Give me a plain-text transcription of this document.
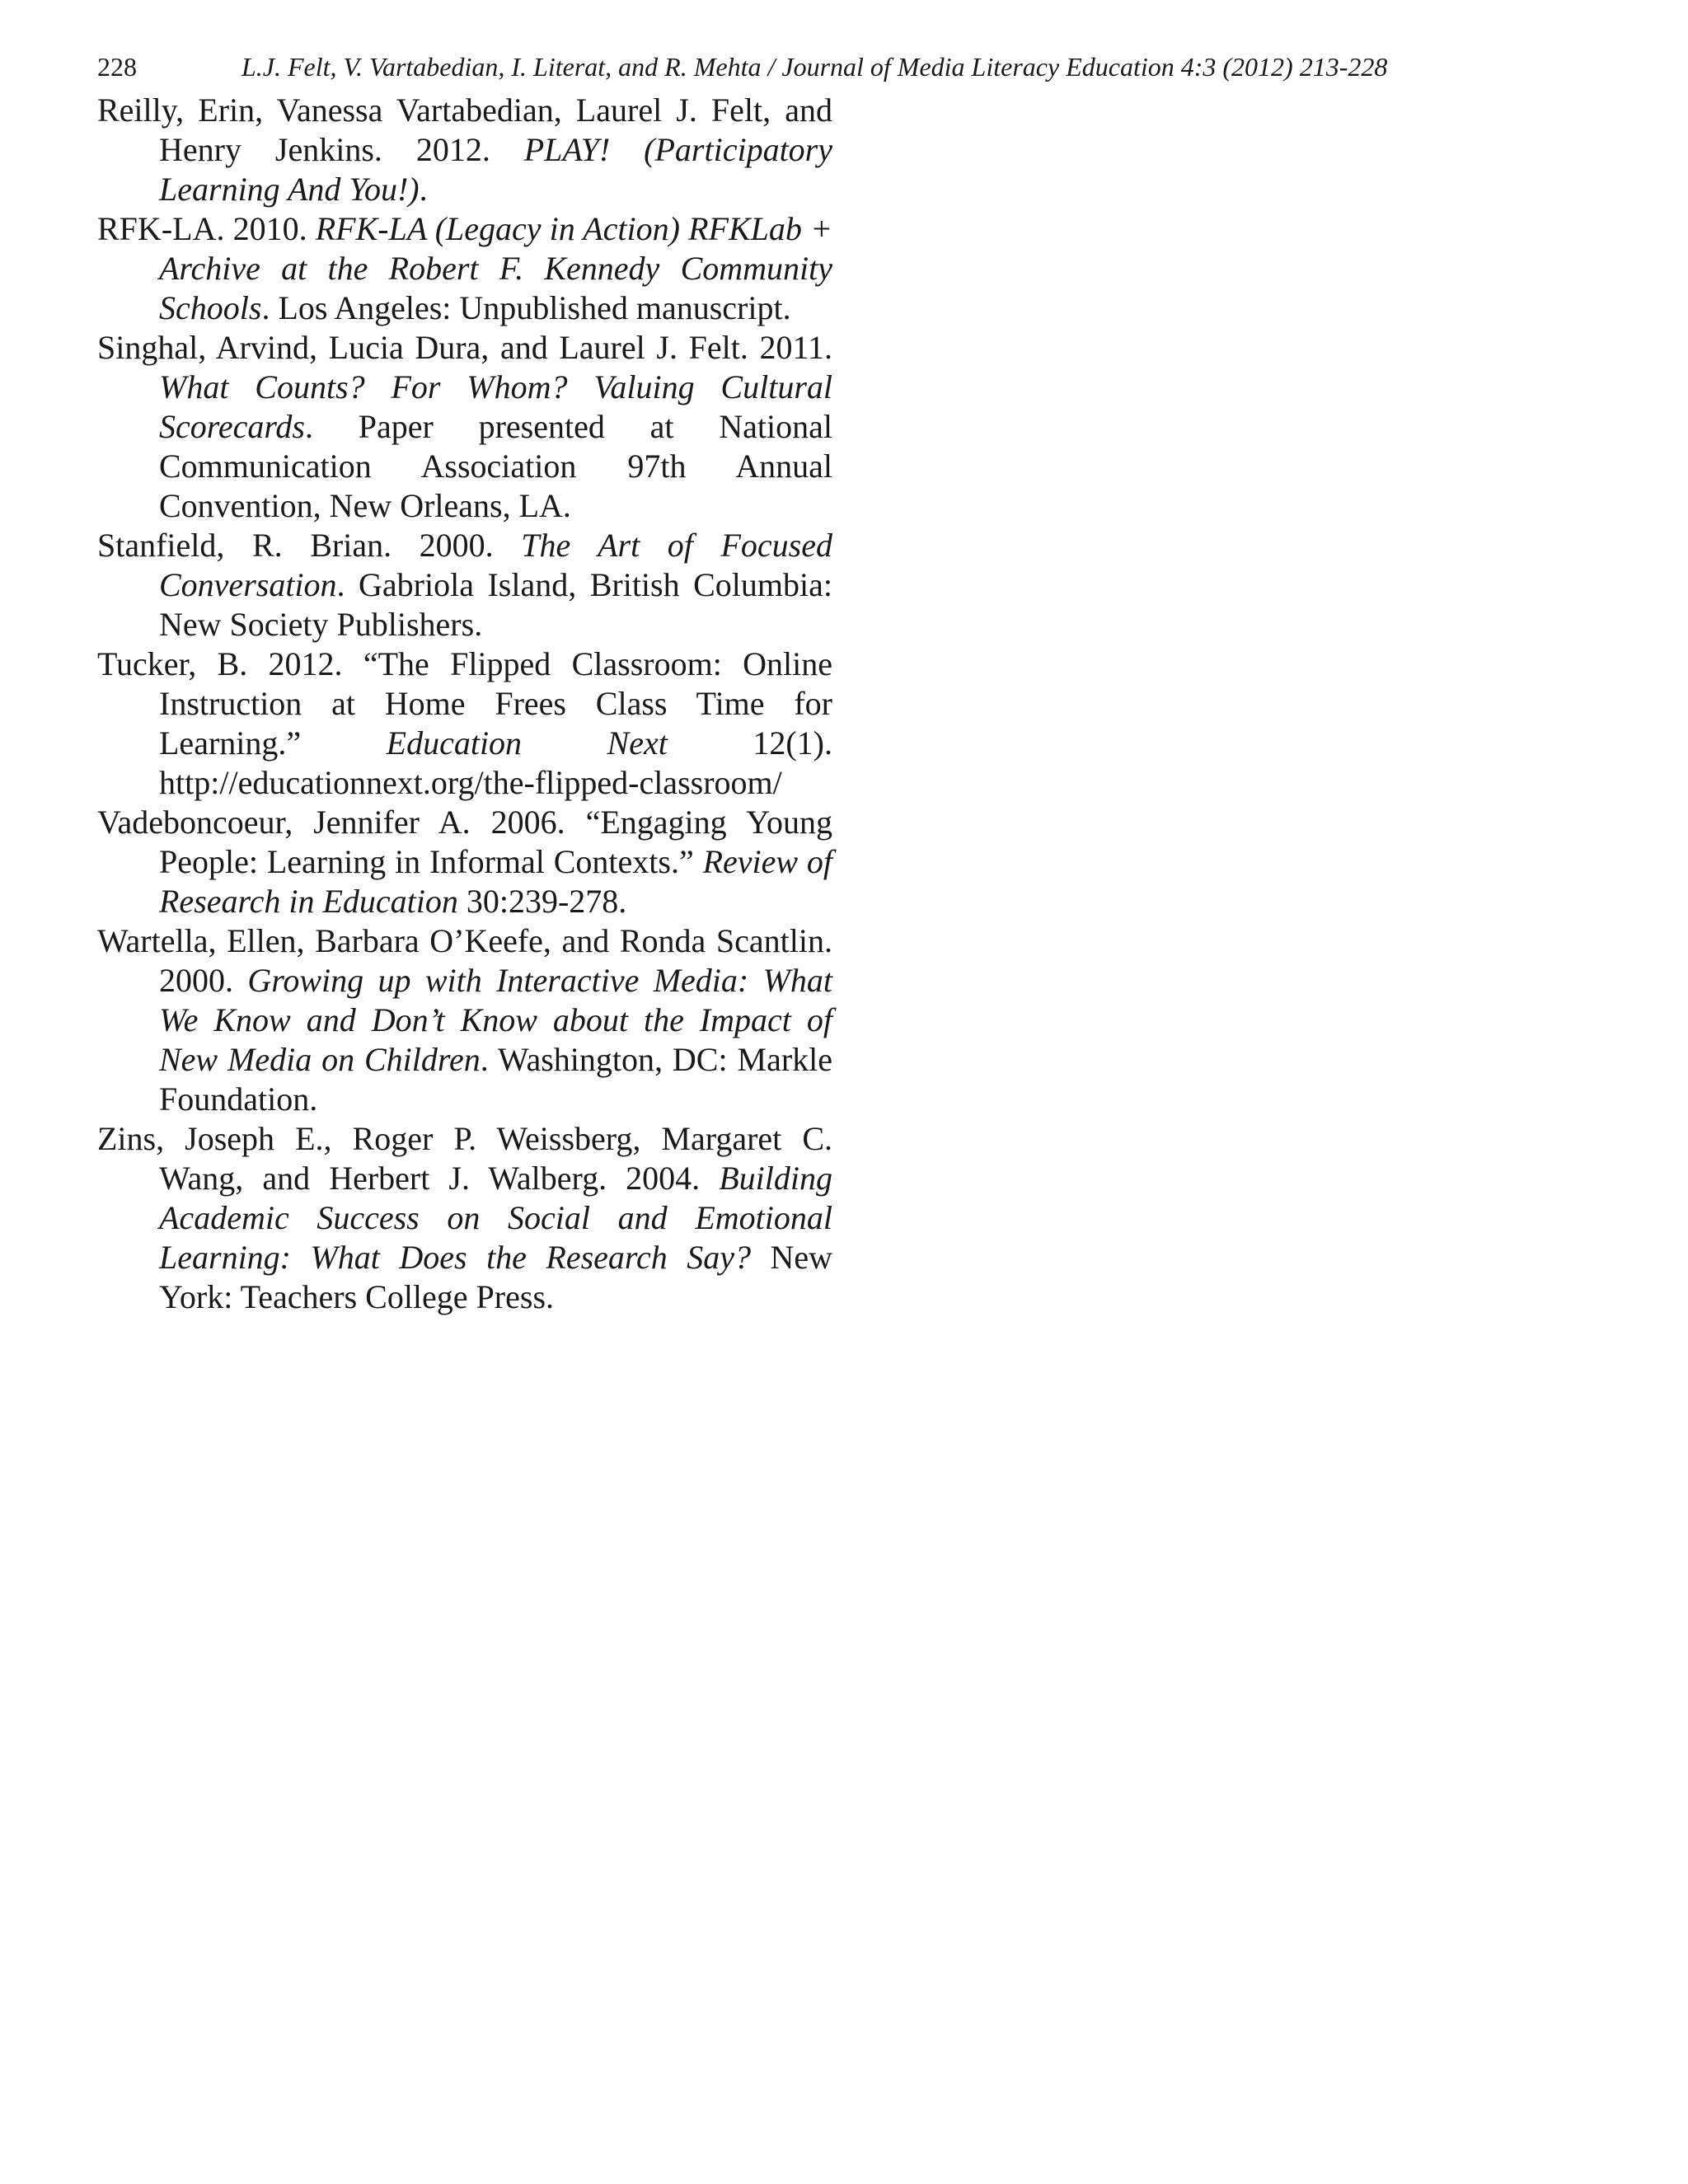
228	L.J. Felt, V. Vartabedian, I. Literat, and R. Mehta / Journal of Media Literacy Education 4:3 (2012) 213-228

Reilly, Erin, Vanessa Vartabedian, Laurel J. Felt, and Henry Jenkins. 2012. PLAY! (Participatory Learning And You!).

RFK-LA. 2010. RFK-LA (Legacy in Action) RFKLab + Archive at the Robert F. Kennedy Community Schools. Los Angeles: Unpublished manuscript.

Singhal, Arvind, Lucia Dura, and Laurel J. Felt. 2011. What Counts? For Whom? Valuing Cultural Scorecards. Paper presented at National Communication Association 97th Annual Convention, New Orleans, LA.

Stanfield, R. Brian. 2000. The Art of Focused Conversation. Gabriola Island, British Columbia: New Society Publishers.

Tucker, B. 2012. “The Flipped Classroom: Online Instruction at Home Frees Class Time for Learning.” Education Next 12(1). http://educationnext.org/the-flipped-classroom/

Vadeboncoeur, Jennifer A. 2006. “Engaging Young People: Learning in Informal Contexts.” Review of Research in Education 30:239-278.

Wartella, Ellen, Barbara O’Keefe, and Ronda Scantlin. 2000. Growing up with Interactive Media: What We Know and Don’t Know about the Impact of New Media on Children. Washington, DC: Markle Foundation.

Zins, Joseph E., Roger P. Weissberg, Margaret C. Wang, and Herbert J. Walberg. 2004. Building Academic Success on Social and Emotional Learning: What Does the Research Say? New York: Teachers College Press.
